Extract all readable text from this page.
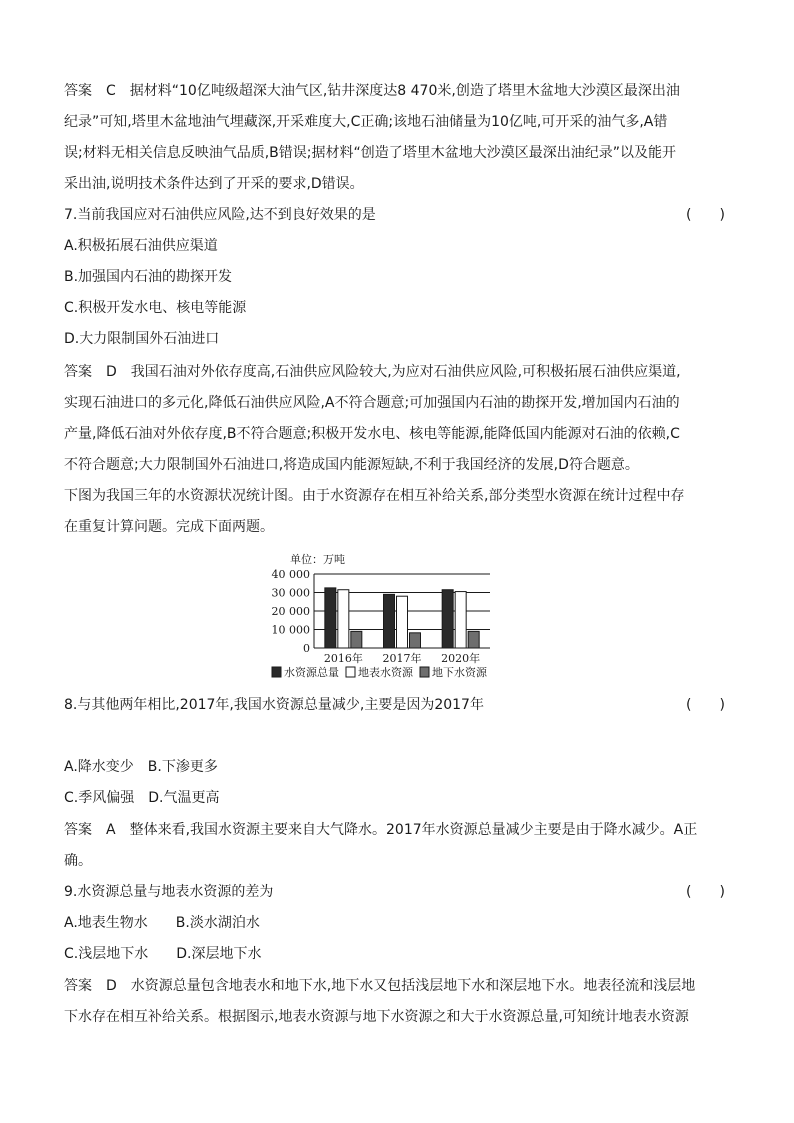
答案　C　据材料“10亿吨级超深大油气区,钻井深度达8 470米,创造了塔里木盆地大沙漠区最深出油
纪录”可知,塔里木盆地油气埋藏深,开采难度大,C正确;该地石油储量为10亿吨,可开采的油气多,A错
误;材料无相关信息反映油气品质,B错误;据材料“创造了塔里木盆地大沙漠区最深出油纪录”以及能开
采出油,说明技术条件达到了开采的要求,D错误。
7.当前我国应对石油供应风险,达不到良好效果的是	(　　)
A.积极拓展石油供应渠道
B.加强国内石油的勘探开发
C.积极开发水电、核电等能源
D.大力限制国外石油进口
答案　D　我国石油对外依存度高,石油供应风险较大,为应对石油供应风险,可积极拓展石油供应渠道,
实现石油进口的多元化,降低石油供应风险,A不符合题意;可加强国内石油的勘探开发,增加国内石油的
产量,降低石油对外依存度,B不符合题意;积极开发水电、核电等能源,能降低国内能源对石油的依赖,C
不符合题意;大力限制国外石油进口,将造成国内能源短缺,不利于我国经济的发展,D符合题意。
下图为我国三年的水资源状况统计图。由于水资源存在相互补给关系,部分类型水资源在统计过程中存
在重复计算问题。完成下面两题。
单位：万吨
0
10 000
20 000
30 000
40 000
2016年 2017年 2020年
水资源总量 地表水资源 地下水资源
8.与其他两年相比,2017年,我国水资源总量减少,主要是因为2017年	(　　)
A.降水变少　B.下渗更多
C.季风偏强　D.气温更高
答案　A　整体来看,我国水资源主要来自大气降水。2017年水资源总量减少主要是由于降水减少。A正
确。
9.水资源总量与地表水资源的差为	(　　)
A.地表生物水　　B.淡水湖泊水
C.浅层地下水　　D.深层地下水
答案　D　水资源总量包含地表水和地下水,地下水又包括浅层地下水和深层地下水。地表径流和浅层地
下水存在相互补给关系。根据图示,地表水资源与地下水资源之和大于水资源总量,可知统计地表水资源
